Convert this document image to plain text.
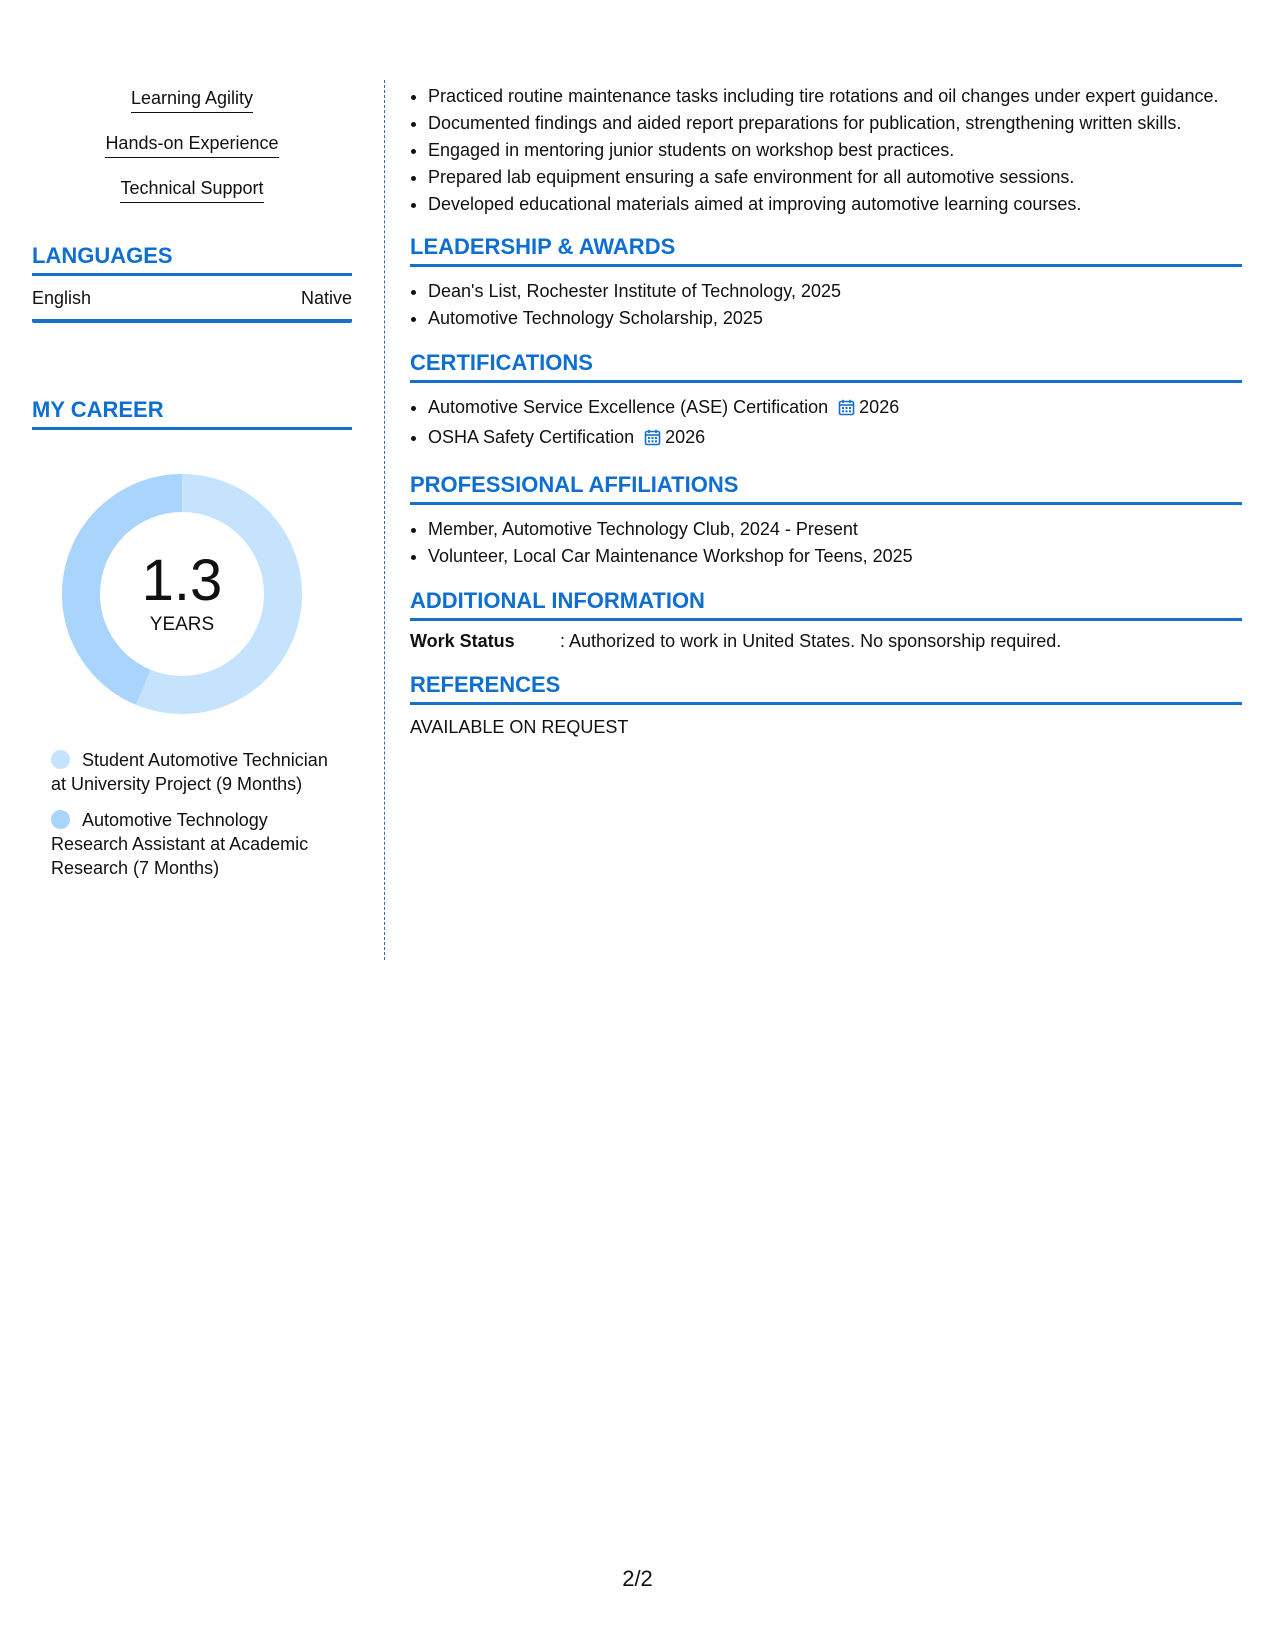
Learning Agility
Hands-on Experience
Technical Support
LANGUAGES
English	Native
MY CAREER
1.3
YEARS
Student Automotive Technician at University Project (9 Months)
Automotive Technology Research Assistant at Academic Research (7 Months)
• Practiced routine maintenance tasks including tire rotations and oil changes under expert guidance.
• Documented findings and aided report preparations for publication, strengthening written skills.
• Engaged in mentoring junior students on workshop best practices.
• Prepared lab equipment ensuring a safe environment for all automotive sessions.
• Developed educational materials aimed at improving automotive learning courses.
LEADERSHIP & AWARDS
• Dean's List, Rochester Institute of Technology, 2025
• Automotive Technology Scholarship, 2025
CERTIFICATIONS
• Automotive Service Excellence (ASE) Certification 2026
• OSHA Safety Certification 2026
PROFESSIONAL AFFILIATIONS
• Member, Automotive Technology Club, 2024 - Present
• Volunteer, Local Car Maintenance Workshop for Teens, 2025
ADDITIONAL INFORMATION
Work Status	: Authorized to work in United States. No sponsorship required.
REFERENCES
AVAILABLE ON REQUEST
2/2
